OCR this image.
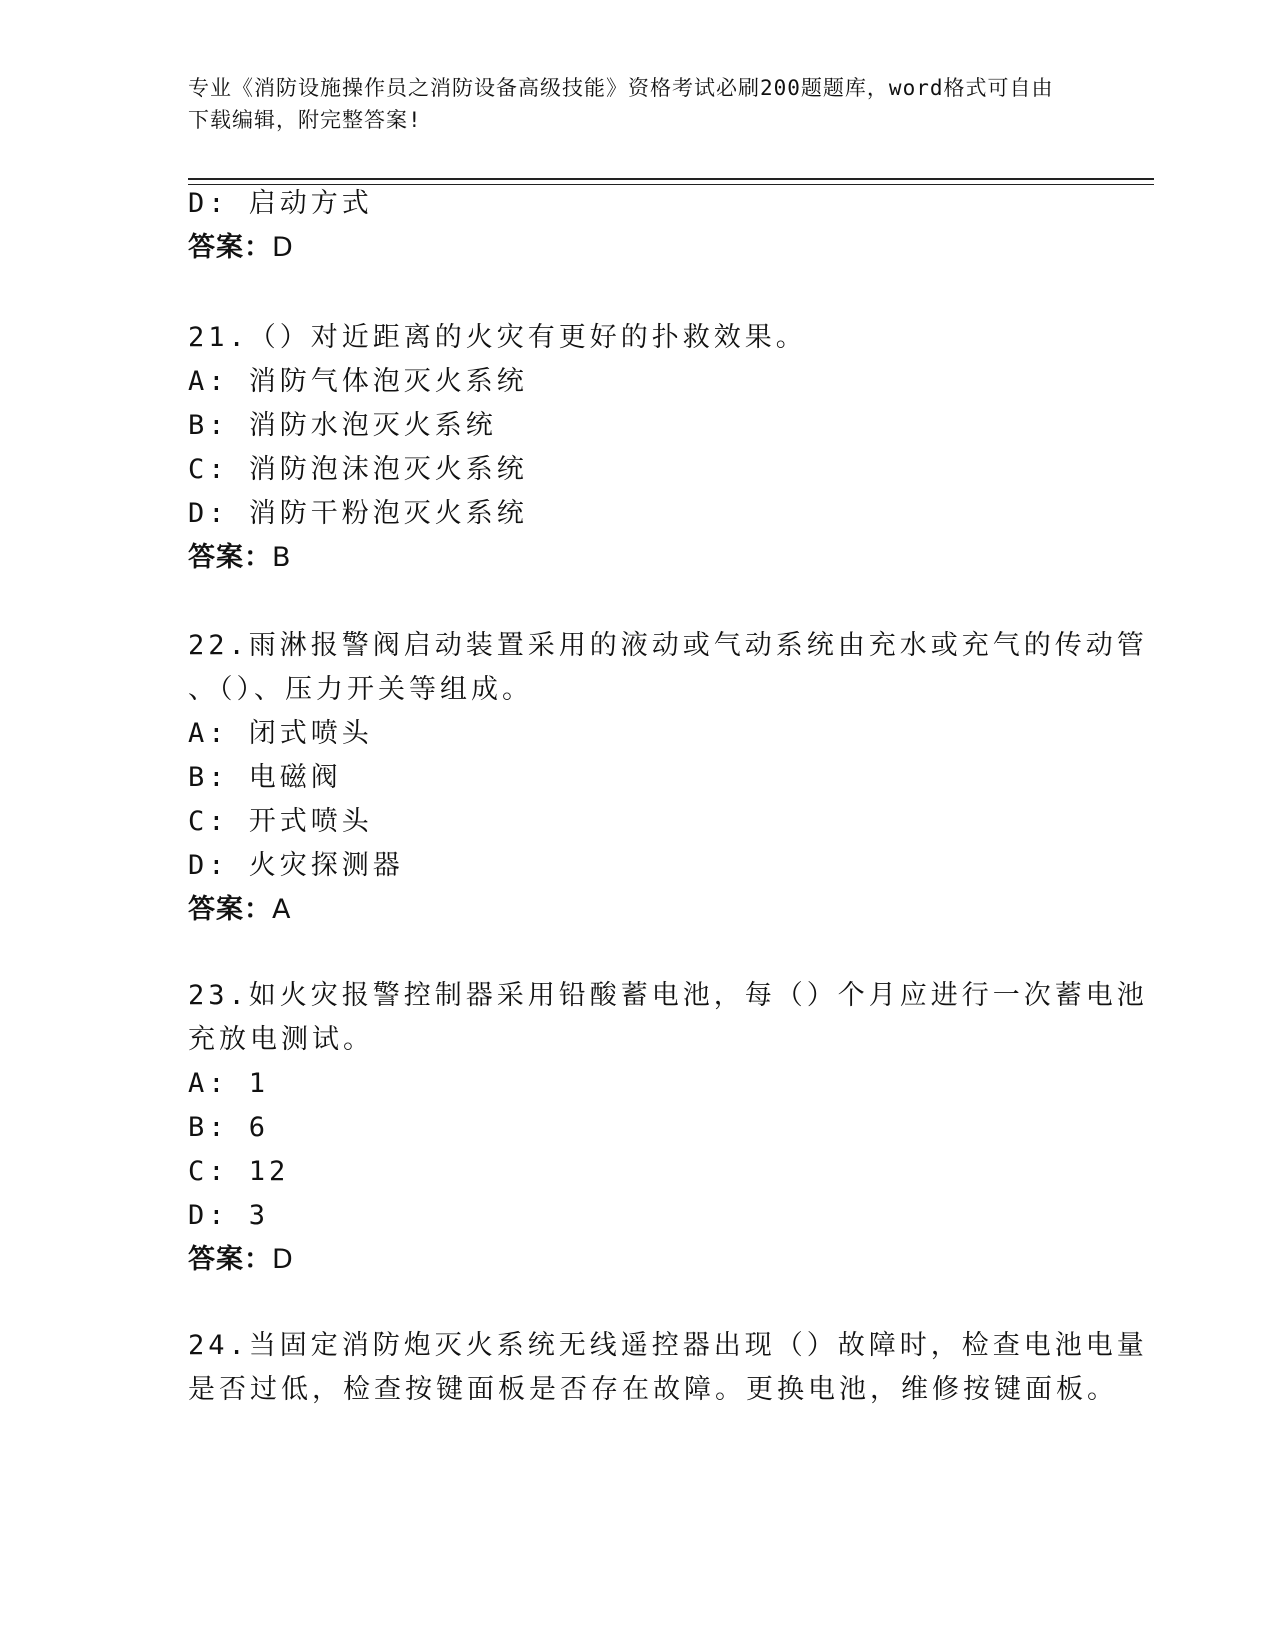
专业《消防设施操作员之消防设备高级技能》资格考试必刷200题题库，word格式可自由下载编辑，附完整答案!
D: 启动方式
答案：D
21.（）对近距离的火灾有更好的扑救效果。
A: 消防气体泡灭火系统
B: 消防水泡灭火系统
C: 消防泡沫泡灭火系统
D: 消防干粉泡灭火系统
答案：B
22.雨淋报警阀启动装置采用的液动或气动系统由充水或充气的传动管
、（）、压力开关等组成。
A: 闭式喷头
B: 电磁阀
C: 开式喷头
D: 火灾探测器
答案：A
23.如火灾报警控制器采用铅酸蓄电池，每（）个月应进行一次蓄电池
充放电测试。
A: 1
B: 6
C: 12
D: 3
答案：D
24.当固定消防炮灭火系统无线遥控器出现（）故障时，检查电池电量
是否过低，检查按键面板是否存在故障。更换电池，维修按键面板。
